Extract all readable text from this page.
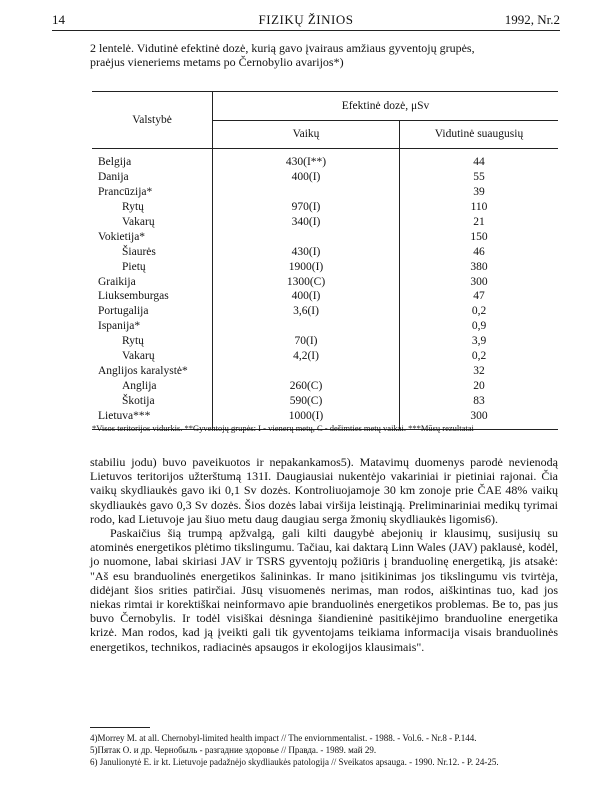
14	FIZIKŲ ŽINIOS	1992, Nr.2
2 lentelė. Vidutinė efektinė dozė, kurią gavo įvairaus amžiaus gyventojų grupės,
praėjus vieneriems metams po Černobylio avarijos*)
Valstybė	Efektinė dozė, μSv	
	Vaikų	Vidutinė suaugusių
Belgija	430(I**)	44
Danija	400(I)	55
Prancūzija*		39
Rytų	970(I)	110
Vakarų	340(I)	21
Vokietija*		150
Šiaurės	430(I)	46
Pietų	1900(I)	380
Graikija	1300(C)	300
Liuksemburgas	400(I)	47
Portugalija	3,6(I)	0,2
Ispanija*		0,9
Rytų	70(I)	3,9
Vakarų	4,2(I)	0,2
Anglijos karalystė*		32
Anglija	260(C)	20
Škotija	590(C)	83
Lietuva***	1000(I)	300
*Visos teritorijos vidurkis. **Gyventojų grupės: I - vienerų metų, C - dešimties metų vaikai. ***Mūsų rezultatai

stabiliu jodu) buvo paveikuotos ir nepakankamos5). Matavimų duomenys parodė nevienodą Lietuvos teritorijos užterštumą 131I. Daugiausiai nukentėjo vakariniai ir pietiniai rajonai. Čia vaikų skydliaukės gavo iki 0,1 Sv dozės. Kontroliuojamoje 30 km zonoje prie ČAE 48% vaikų skydliaukės gavo 0,3 Sv dozės. Šios dozės labai viršija leistinąją. Preliminariniai medikų tyrimai rodo, kad Lietuvoje jau šiuo metu daug daugiau serga žmonių skydliaukės ligomis6).

Paskaičius šią trumpą apžvalgą, gali kilti daugybė abejonių ir klausimų, susijusių su atominės energetikos plėtimo tikslingumu. Tačiau, kai daktarą Linn Wales (JAV) paklausė, kodėl, jo nuomone, labai skiriasi JAV ir TSRS gyventojų požiūris į branduolinę energetiką, jis atsakė: "Aš esu branduolinės energetikos šalininkas. Ir mano įsitikinimas jos tikslingumu vis tvirtėja, didėjant šios srities patirčiai. Jūsų visuomenės nerimas, man rodos, aiškintinas tuo, kad jos niekas rimtai ir korektiškai neinformavo apie branduolinės energetikos problemas. Be to, pas jus buvo Černobylis. Ir todėl visiškai dėsninga šiandieninė pasitikėjimo branduoline energetika krizė. Man rodos, kad ją įveikti gali tik gyventojams teikiama informacija visais branduolinės energetikos, technikos, radiacinės apsaugos ir ekologijos klausimais".

4)Morrey M. at all. Chernobyl-limited health impact // The enviornmentalist. - 1988. - Vol.6. - Nr.8 - P.144.
5)Пятак О. и др. Чернобыль - разгадние здоровье // Правда. - 1989. май 29.
6) Janulionytė E. ir kt. Lietuvoje padažnėjo skydliaukės patologija // Sveikatos apsauga. - 1990. Nr.12. - P. 24-25.
